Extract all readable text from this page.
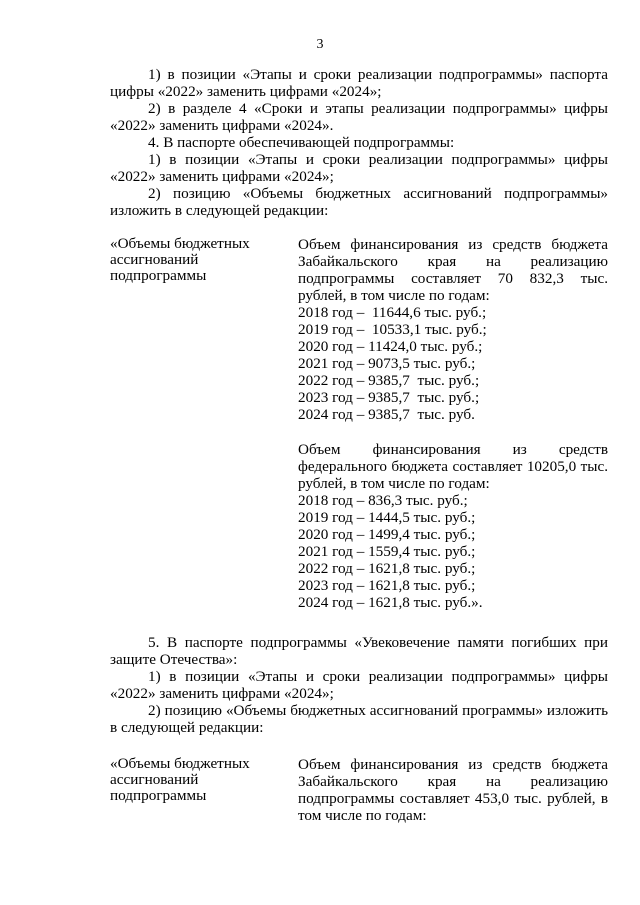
3
1) в позиции «Этапы и сроки реализации подпрограммы» паспорта цифры «2022» заменить цифрами «2024»;
2) в разделе 4 «Сроки и этапы реализации подпрограммы» цифры «2022» заменить цифрами «2024».
4. В паспорте обеспечивающей подпрограммы:
1) в позиции «Этапы и сроки реализации подпрограммы» цифры «2022» заменить цифрами «2024»;
2) позицию «Объемы бюджетных ассигнований подпрограммы» изложить в следующей редакции:
«Объемы бюджетных ассигнований подпрограммы
Объем финансирования из средств бюджета Забайкальского края на реализацию подпрограммы составляет 70 832,3 тыс. рублей, в том числе по годам:
2018 год –  11644,6 тыс. руб.;
2019 год –  10533,1 тыс. руб.;
2020 год – 11424,0 тыс. руб.;
2021 год – 9073,5 тыс. руб.;
2022 год – 9385,7  тыс. руб.;
2023 год – 9385,7  тыс. руб.;
2024 год – 9385,7  тыс. руб.
Объем финансирования из средств федерального бюджета составляет 10205,0 тыс. рублей, в том числе по годам:
2018 год – 836,3 тыс. руб.;
2019 год – 1444,5 тыс. руб.;
2020 год – 1499,4 тыс. руб.;
2021 год – 1559,4 тыс. руб.;
2022 год – 1621,8 тыс. руб.;
2023 год – 1621,8 тыс. руб.;
2024 год – 1621,8 тыс. руб.».
5. В паспорте подпрограммы «Увековечение памяти погибших при защите Отечества»:
1) в позиции «Этапы и сроки реализации подпрограммы» цифры «2022» заменить цифрами «2024»;
2) позицию «Объемы бюджетных ассигнований программы» изложить в следующей редакции:
«Объемы бюджетных ассигнований подпрограммы
Объем финансирования из средств бюджета Забайкальского края на реализацию подпрограммы составляет 453,0 тыс. рублей, в том числе по годам:
